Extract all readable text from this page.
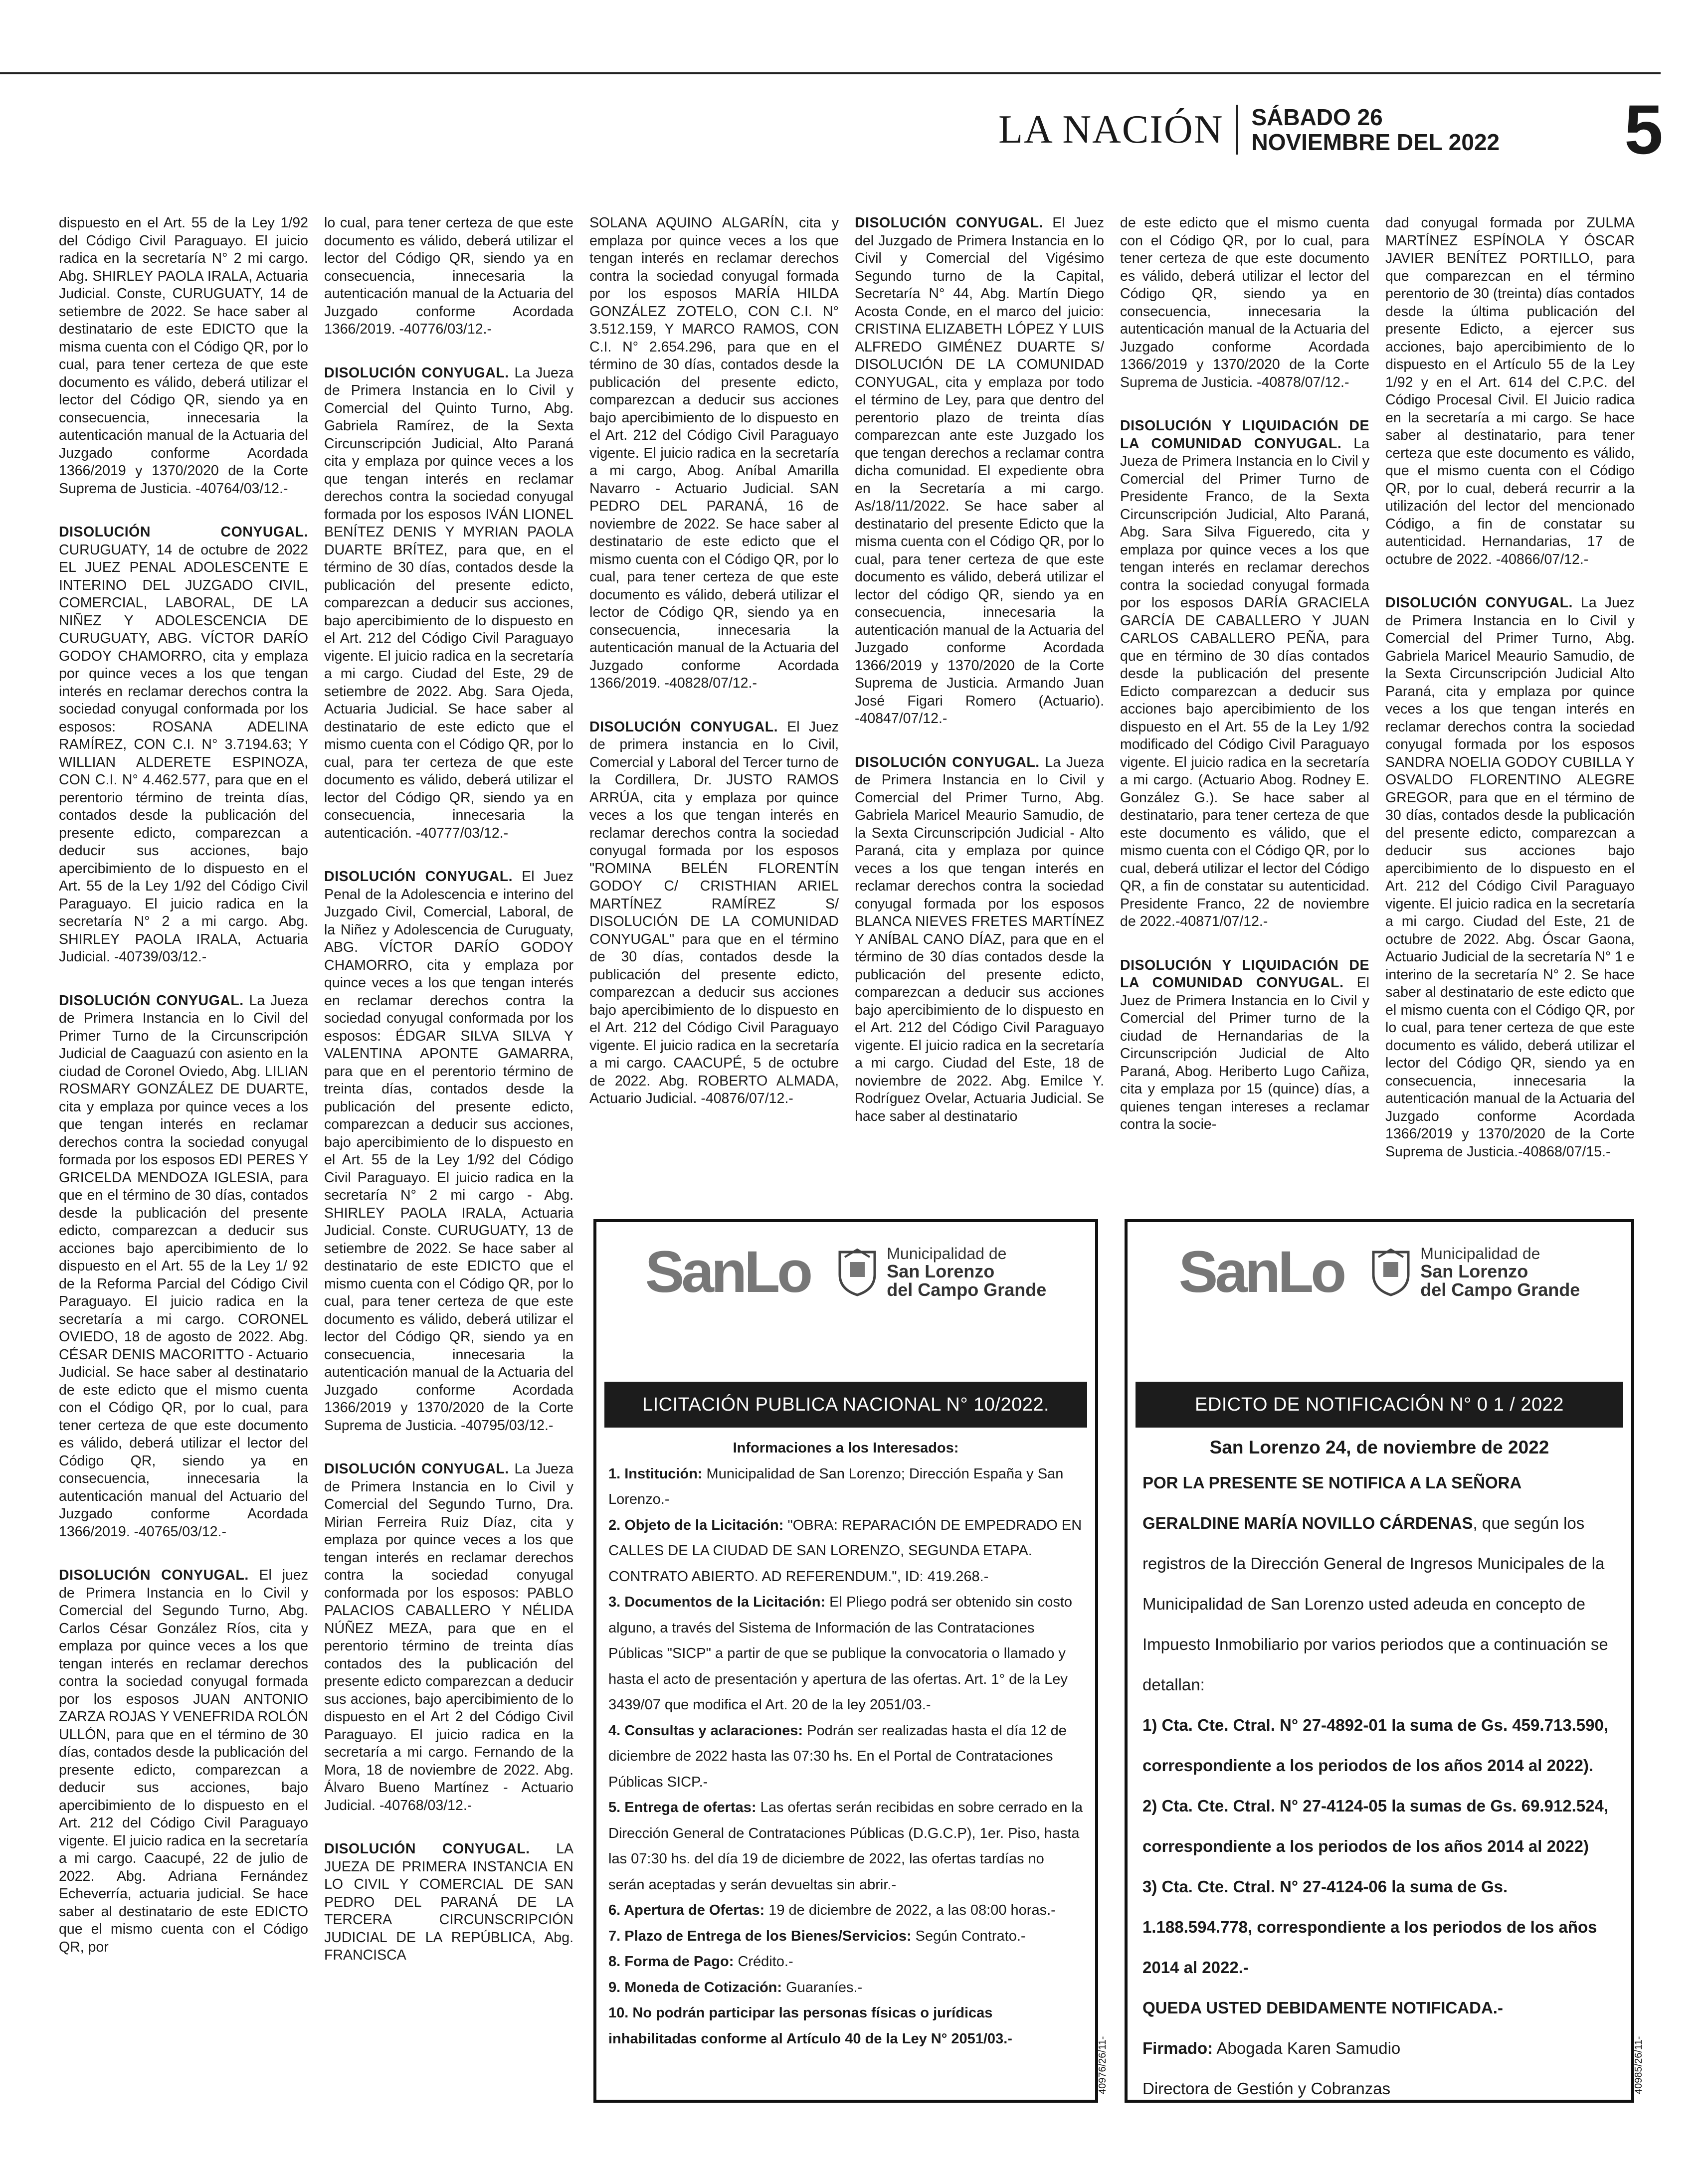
LA NACIÓN SÁBADO 26
NOVIEMBRE DEL 2022 5

dispuesto en el Art. 55 de la Ley 1/92 del Código Civil Paraguayo. El juicio radica en la secretaría N° 2 mi cargo. Abg. SHIRLEY PAOLA IRALA, Actuaria Judicial. Conste, CURUGUATY, 14 de setiembre de 2022. Se hace saber al destinatario de este EDICTO que la misma cuenta con el Código QR, por lo cual, para tener certeza de que este documento es válido, deberá utilizar el lector del Código QR, siendo ya en consecuencia, innecesaria la autenticación manual de la Actuaria del Juzgado conforme Acordada 1366/2019 y 1370/2020 de la Corte Suprema de Justicia. -40764/03/12.-

DISOLUCIÓN CONYUGAL. CURUGUATY, 14 de octubre de 2022 EL JUEZ PENAL ADOLESCENTE E INTERINO DEL JUZGADO CIVIL, COMERCIAL, LABORAL, DE LA NIÑEZ Y ADOLESCENCIA DE CURUGUATY, ABG. VÍCTOR DARÍO GODOY CHAMORRO, cita y emplaza por quince veces a los que tengan interés en reclamar derechos contra la sociedad conyugal conformada por los esposos: ROSANA ADELINA RAMÍREZ, CON C.I. N° 3.7194.63; Y WILLIAN ALDERETE ESPINOZA, CON C.I. N° 4.462.577, para que en el perentorio término de treinta días, contados desde la publicación del presente edicto, comparezcan a deducir sus acciones, bajo apercibimiento de lo dispuesto en el Art. 55 de la Ley 1/92 del Código Civil Paraguayo. El juicio radica en la secretaría N° 2 a mi cargo. Abg. SHIRLEY PAOLA IRALA, Actuaria Judicial. -40739/03/12.-

DISOLUCIÓN CONYUGAL. La Jueza de Primera Instancia en lo Civil del Primer Turno de la Circunscripción Judicial de Caaguazú con asiento en la ciudad de Coronel Oviedo, Abg. LILIAN ROSMARY GONZÁLEZ DE DUARTE, cita y emplaza por quince veces a los que tengan interés en reclamar derechos contra la sociedad conyugal formada por los esposos EDI PERES Y GRICELDA MENDOZA IGLESIA, para que en el término de 30 días, contados desde la publicación del presente edicto, comparezcan a deducir sus acciones bajo apercibimiento de lo dispuesto en el Art. 55 de la Ley 1/ 92 de la Reforma Parcial del Código Civil Paraguayo. El juicio radica en la secretaría a mi cargo. CORONEL OVIEDO, 18 de agosto de 2022. Abg. CÉSAR DENIS MACORITTO - Actuario Judicial. Se hace saber al destinatario de este edicto que el mismo cuenta con el Código QR, por lo cual, para tener certeza de que este documento es válido, deberá utilizar el lector del Código QR, siendo ya en consecuencia, innecesaria la autenticación manual del Actuario del Juzgado conforme Acordada 1366/2019. -40765/03/12.-

DISOLUCIÓN CONYUGAL. El juez de Primera Instancia en lo Civil y Comercial del Segundo Turno, Abg. Carlos César González Ríos, cita y emplaza por quince veces a los que tengan interés en reclamar derechos contra la sociedad conyugal formada por los esposos JUAN ANTONIO ZARZA ROJAS Y VENEFRIDA ROLÓN ULLÓN, para que en el término de 30 días, contados desde la publicación del presente edicto, comparezcan a deducir sus acciones, bajo apercibimiento de lo dispuesto en el Art. 212 del Código Civil Paraguayo vigente. El juicio radica en la secretaría a mi cargo. Caacupé, 22 de julio de 2022. Abg. Adriana Fernández Echeverría, actuaria judicial. Se hace saber al destinatario de este EDICTO que el mismo cuenta con el Código QR, por

lo cual, para tener certeza de que este documento es válido, deberá utilizar el lector del Código QR, siendo ya en consecuencia, innecesaria la autenticación manual de la Actuaria del Juzgado conforme Acordada 1366/2019. -40776/03/12.-

DISOLUCIÓN CONYUGAL. La Jueza de Primera Instancia en lo Civil y Comercial del Quinto Turno, Abg. Gabriela Ramírez, de la Sexta Circunscripción Judicial, Alto Paraná cita y emplaza por quince veces a los que tengan interés en reclamar derechos contra la sociedad conyugal formada por los esposos IVÁN LIONEL BENÍTEZ DENIS Y MYRIAN PAOLA DUARTE BRÍTEZ, para que, en el término de 30 días, contados desde la publicación del presente edicto, comparezcan a deducir sus acciones, bajo apercibimiento de lo dispuesto en el Art. 212 del Código Civil Paraguayo vigente. El juicio radica en la secretaría a mi cargo. Ciudad del Este, 29 de setiembre de 2022. Abg. Sara Ojeda, Actuaria Judicial. Se hace saber al destinatario de este edicto que el mismo cuenta con el Código QR, por lo cual, para ter certeza de que este documento es válido, deberá utilizar el lector del Código QR, siendo ya en consecuencia, innecesaria la autenticación. -40777/03/12.-

DISOLUCIÓN CONYUGAL. El Juez Penal de la Adolescencia e interino del Juzgado Civil, Comercial, Laboral, de la Niñez y Adolescencia de Curuguaty, ABG. VÍCTOR DARÍO GODOY CHAMORRO, cita y emplaza por quince veces a los que tengan interés en reclamar derechos contra la sociedad conyugal conformada por los esposos: ÉDGAR SILVA SILVA Y VALENTINA APONTE GAMARRA, para que en el perentorio término de treinta días, contados desde la publicación del presente edicto, comparezcan a deducir sus acciones, bajo apercibimiento de lo dispuesto en el Art. 55 de la Ley 1/92 del Código Civil Paraguayo. El juicio radica en la secretaría N° 2 mi cargo - Abg. SHIRLEY PAOLA IRALA, Actuaria Judicial. Conste. CURUGUATY, 13 de setiembre de 2022. Se hace saber al destinatario de este EDICTO que el mismo cuenta con el Código QR, por lo cual, para tener certeza de que este documento es válido, deberá utilizar el lector del Código QR, siendo ya en consecuencia, innecesaria la autenticación manual de la Actuaria del Juzgado conforme Acordada 1366/2019 y 1370/2020 de la Corte Suprema de Justicia. -40795/03/12.-

DISOLUCIÓN CONYUGAL. La Jueza de Primera Instancia en lo Civil y Comercial del Segundo Turno, Dra. Mirian Ferreira Ruiz Díaz, cita y emplaza por quince veces a los que tengan interés en reclamar derechos contra la sociedad conyugal conformada por los esposos: PABLO PALACIOS CABALLERO Y NÉLIDA NÚÑEZ MEZA, para que en el perentorio término de treinta días contados des la publicación del presente edicto comparezcan a deducir sus acciones, bajo apercibimiento de lo dispuesto en el Art 2 del Código Civil Paraguayo. El juicio radica en la secretaría a mi cargo. Fernando de la Mora, 18 de noviembre de 2022. Abg. Álvaro Bueno Martínez - Actuario Judicial. -40768/03/12.-

DISOLUCIÓN CONYUGAL. LA JUEZA DE PRIMERA INSTANCIA EN LO CIVIL Y COMERCIAL DE SAN PEDRO DEL PARANÁ DE LA TERCERA CIRCUNSCRIPCIÓN JUDICIAL DE LA REPÚBLICA, Abg. FRANCISCA

SOLANA AQUINO ALGARÍN, cita y emplaza por quince veces a los que tengan interés en reclamar derechos contra la sociedad conyugal formada por los esposos MARÍA HILDA GONZÁLEZ ZOTELO, CON C.I. N° 3.512.159, Y MARCO RAMOS, CON C.I. N° 2.654.296, para que en el término de 30 días, contados desde la publicación del presente edicto, comparezcan a deducir sus acciones bajo apercibimiento de lo dispuesto en el Art. 212 del Código Civil Paraguayo vigente. El juicio radica en la secretaría a mi cargo, Abog. Aníbal Amarilla Navarro - Actuario Judicial. SAN PEDRO DEL PARANÁ, 16 de noviembre de 2022. Se hace saber al destinatario de este edicto que el mismo cuenta con el Código QR, por lo cual, para tener certeza de que este documento es válido, deberá utilizar el lector de Código QR, siendo ya en consecuencia, innecesaria la autenticación manual de la Actuaria del Juzgado conforme Acordada 1366/2019. -40828/07/12.-

DISOLUCIÓN CONYUGAL. El Juez de primera instancia en lo Civil, Comercial y Laboral del Tercer turno de la Cordillera, Dr. JUSTO RAMOS ARRÚA, cita y emplaza por quince veces a los que tengan interés en reclamar derechos contra la sociedad conyugal formada por los esposos "ROMINA BELÉN FLORENTÍN GODOY C/ CRISTHIAN ARIEL MARTÍNEZ RAMÍREZ S/ DISOLUCIÓN DE LA COMUNIDAD CONYUGAL" para que en el término de 30 días, contados desde la publicación del presente edicto, comparezcan a deducir sus acciones bajo apercibimiento de lo dispuesto en el Art. 212 del Código Civil Paraguayo vigente. El juicio radica en la secretaría a mi cargo. CAACUPÉ, 5 de octubre de 2022. Abg. ROBERTO ALMADA, Actuario Judicial. -40876/07/12.-

DISOLUCIÓN CONYUGAL. El Juez del Juzgado de Primera Instancia en lo Civil y Comercial del Vigésimo Segundo turno de la Capital, Secretaría N° 44, Abg. Martín Diego Acosta Conde, en el marco del juicio: CRISTINA ELIZABETH LÓPEZ Y LUIS ALFREDO GIMÉNEZ DUARTE S/ DISOLUCIÓN DE LA COMUNIDAD CONYUGAL, cita y emplaza por todo el término de Ley, para que dentro del perentorio plazo de treinta días comparezcan ante este Juzgado los que tengan derechos a reclamar contra dicha comunidad. El expediente obra en la Secretaría a mi cargo. As/18/11/2022. Se hace saber al destinatario del presente Edicto que la misma cuenta con el Código QR, por lo cual, para tener certeza de que este documento es válido, deberá utilizar el lector del código QR, siendo ya en consecuencia, innecesaria la autenticación manual de la Actuaria del Juzgado conforme Acordada 1366/2019 y 1370/2020 de la Corte Suprema de Justicia. Armando Juan José Figari Romero (Actuario). -40847/07/12.-

DISOLUCIÓN CONYUGAL. La Jueza de Primera Instancia en lo Civil y Comercial del Primer Turno, Abg. Gabriela Maricel Meaurio Samudio, de la Sexta Circunscripción Judicial - Alto Paraná, cita y emplaza por quince veces a los que tengan interés en reclamar derechos contra la sociedad conyugal formada por los esposos BLANCA NIEVES FRETES MARTÍNEZ Y ANÍBAL CANO DÍAZ, para que en el término de 30 días contados desde la publicación del presente edicto, comparezcan a deducir sus acciones bajo apercibimiento de lo dispuesto en el Art. 212 del Código Civil Paraguayo vigente. El juicio radica en la secretaría a mi cargo. Ciudad del Este, 18 de noviembre de 2022. Abg. Emilce Y. Rodríguez Ovelar, Actuaria Judicial. Se hace saber al destinatario

de este edicto que el mismo cuenta con el Código QR, por lo cual, para tener certeza de que este documento es válido, deberá utilizar el lector del Código QR, siendo ya en consecuencia, innecesaria la autenticación manual de la Actuaria del Juzgado conforme Acordada 1366/2019 y 1370/2020 de la Corte Suprema de Justicia. -40878/07/12.-

DISOLUCIÓN Y LIQUIDACIÓN DE LA COMUNIDAD CONYUGAL. La Jueza de Primera Instancia en lo Civil y Comercial del Primer Turno de Presidente Franco, de la Sexta Circunscripción Judicial, Alto Paraná, Abg. Sara Silva Figueredo, cita y emplaza por quince veces a los que tengan interés en reclamar derechos contra la sociedad conyugal formada por los esposos DARÍA GRACIELA GARCÍA DE CABALLERO Y JUAN CARLOS CABALLERO PEÑA, para que en término de 30 días contados desde la publicación del presente Edicto comparezcan a deducir sus acciones bajo apercibimiento de los dispuesto en el Art. 55 de la Ley 1/92 modificado del Código Civil Paraguayo vigente. El juicio radica en la secretaría a mi cargo. (Actuario Abog. Rodney E. González G.). Se hace saber al destinatario, para tener certeza de que este documento es válido, que el mismo cuenta con el Código QR, por lo cual, deberá utilizar el lector del Código QR, a fin de constatar su autenticidad. Presidente Franco, 22 de noviembre de 2022.-40871/07/12.-

DISOLUCIÓN Y LIQUIDACIÓN DE LA COMUNIDAD CONYUGAL. El Juez de Primera Instancia en lo Civil y Comercial del Primer turno de la ciudad de Hernandarias de la Circunscripción Judicial de Alto Paraná, Abog. Heriberto Lugo Cañiza, cita y emplaza por 15 (quince) días, a quienes tengan intereses a reclamar contra la socie-

dad conyugal formada por ZULMA MARTÍNEZ ESPÍNOLA Y ÓSCAR JAVIER BENÍTEZ PORTILLO, para que comparezcan en el término perentorio de 30 (treinta) días contados desde la última publicación del presente Edicto, a ejercer sus acciones, bajo apercibimiento de lo dispuesto en el Artículo 55 de la Ley 1/92 y en el Art. 614 del C.P.C. del Código Procesal Civil. El Juicio radica en la secretaría a mi cargo. Se hace saber al destinatario, para tener certeza que este documento es válido, que el mismo cuenta con el Código QR, por lo cual, deberá recurrir a la utilización del lector del mencionado Código, a fin de constatar su autenticidad. Hernandarias, 17 de octubre de 2022. -40866/07/12.-

DISOLUCIÓN CONYUGAL. La Juez de Primera Instancia en lo Civil y Comercial del Primer Turno, Abg. Gabriela Maricel Meaurio Samudio, de la Sexta Circunscripción Judicial Alto Paraná, cita y emplaza por quince veces a los que tengan interés en reclamar derechos contra la sociedad conyugal formada por los esposos SANDRA NOELIA GODOY CUBILLA Y OSVALDO FLORENTINO ALEGRE GREGOR, para que en el término de 30 días, contados desde la publicación del presente edicto, comparezcan a deducir sus acciones bajo apercibimiento de lo dispuesto en el Art. 212 del Código Civil Paraguayo vigente. El juicio radica en la secretaría a mi cargo. Ciudad del Este, 21 de octubre de 2022. Abg. Óscar Gaona, Actuario Judicial de la secretaría N° 1 e interino de la secretaría N° 2. Se hace saber al destinatario de este edicto que el mismo cuenta con el Código QR, por lo cual, para tener certeza de que este documento es válido, deberá utilizar el lector del Código QR, siendo ya en consecuencia, innecesaria la autenticación manual de la Actuaria del Juzgado conforme Acordada 1366/2019 y 1370/2020 de la Corte Suprema de Justicia.-40868/07/15.-

SanLo	Municipalidad de
San Lorenzo
del Campo Grande
LICITACIÓN PUBLICA NACIONAL N° 10/2022.
Informaciones a los Interesados:
1. Institución: Municipalidad de San Lorenzo; Dirección España y San Lorenzo.-
2. Objeto de la Licitación: "OBRA: REPARACIÓN DE EMPEDRADO EN CALLES DE LA CIUDAD DE SAN LORENZO, SEGUNDA ETAPA. CONTRATO ABIERTO. AD REFERENDUM.", ID: 419.268.-
3. Documentos de la Licitación: El Pliego podrá ser obtenido sin costo alguno, a través del Sistema de Información de las Contrataciones Públicas "SICP" a partir de que se publique la convocatoria o llamado y hasta el acto de presentación y apertura de las ofertas. Art. 1° de la Ley 3439/07 que modifica el Art. 20 de la ley 2051/03.-
4. Consultas y aclaraciones: Podrán ser realizadas hasta el día 12 de diciembre de 2022 hasta las 07:30 hs. En el Portal de Contrataciones Públicas SICP.-
5. Entrega de ofertas: Las ofertas serán recibidas en sobre cerrado en la Dirección General de Contrataciones Públicas (D.G.C.P), 1er. Piso, hasta las 07:30 hs. del día 19 de diciembre de 2022, las ofertas tardías no serán aceptadas y serán devueltas sin abrir.-
6. Apertura de Ofertas: 19 de diciembre de 2022, a las 08:00 horas.-
7. Plazo de Entrega de los Bienes/Servicios: Según Contrato.-
8. Forma de Pago: Crédito.-
9. Moneda de Cotización: Guaraníes.-
10. No podrán participar las personas físicas o jurídicas inhabilitadas conforme al Artículo 40 de la Ley N° 2051/03.-	40976/26/11-
SanLo	Municipalidad de
San Lorenzo
del Campo Grande
EDICTO DE NOTIFICACIÓN N° 0 1 / 2022
San Lorenzo 24, de noviembre de 2022
POR LA PRESENTE SE NOTIFICA A LA SEÑORA
GERALDINE MARÍA NOVILLO CÁRDENAS, que según los registros de la Dirección General de Ingresos Municipales de la Municipalidad de San Lorenzo usted adeuda en concepto de Impuesto Inmobiliario por varios periodos que a continuación se detallan:
1) Cta. Cte. Ctral. N° 27-4892-01 la suma de Gs. 459.713.590, correspondiente a los periodos de los años 2014 al 2022).
2) Cta. Cte. Ctral. N° 27-4124-05 la sumas de Gs. 69.912.524, correspondiente a los periodos de los años 2014 al 2022)
3) Cta. Cte. Ctral. N° 27-4124-06 la suma de Gs. 1.188.594.778, correspondiente a los periodos de los años 2014 al 2022.-
QUEDA USTED DEBIDAMENTE NOTIFICADA.-
Firmado: Abogada Karen Samudio
Directora de Gestión y Cobranzas	40985/26/11-
